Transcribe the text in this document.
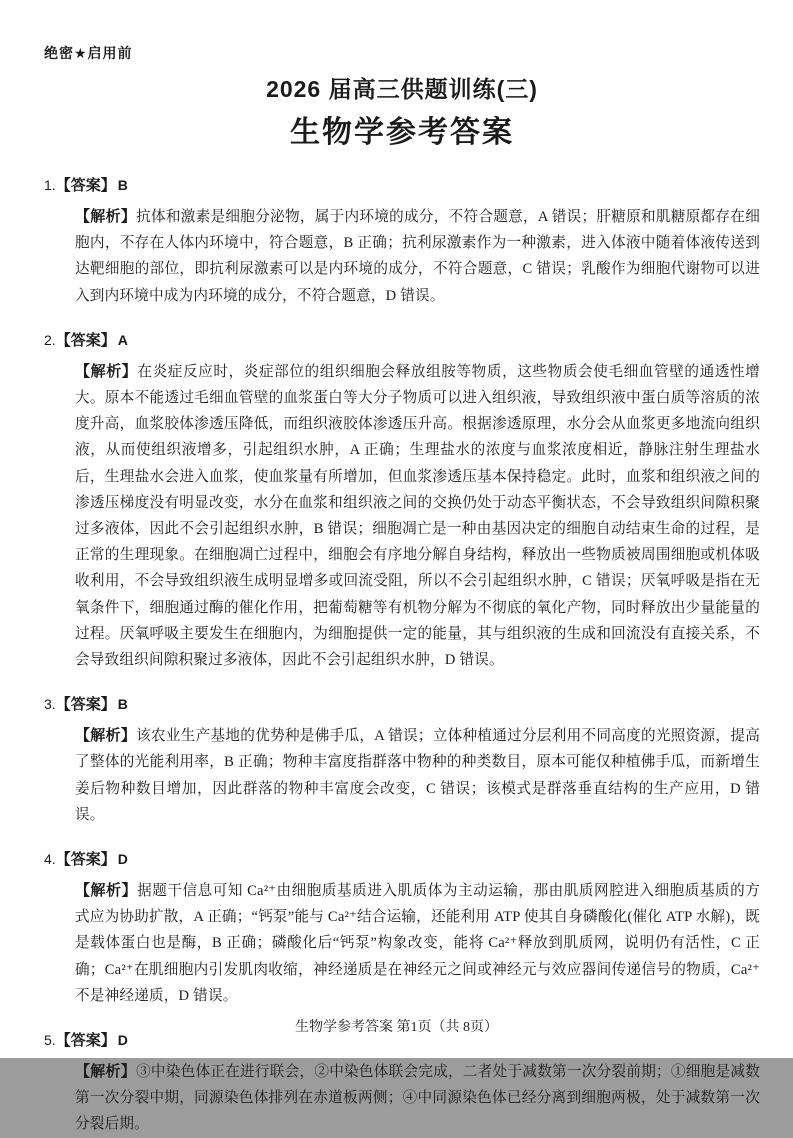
绝密★启用前
2026 届高三供题训练(三)
生物学参考答案
1.【答案】 B

【解析】抗体和激素是细胞分泌物，属于内环境的成分，不符合题意，A 错误；肝糖原和肌糖原都存在细胞内，不存在人体内环境中，符合题意，B 正确；抗利尿激素作为一种激素，进入体液中随着体液传送到达靶细胞的部位，即抗利尿激素可以是内环境的成分，不符合题意，C 错误；乳酸作为细胞代谢物可以进入到内环境中成为内环境的成分，不符合题意，D 错误。

2.【答案】 A

【解析】在炎症反应时，炎症部位的组织细胞会释放组胺等物质，这些物质会使毛细血管壁的通透性增大。原本不能透过毛细血管壁的血浆蛋白等大分子物质可以进入组织液，导致组织液中蛋白质等溶质的浓度升高，血浆胶体渗透压降低，而组织液胶体渗透压升高。根据渗透原理，水分会从血浆更多地流向组织液，从而使组织液增多，引起组织水肿，A 正确；生理盐水的浓度与血浆浓度相近，静脉注射生理盐水后，生理盐水会进入血浆，使血浆量有所增加，但血浆渗透压基本保持稳定。此时，血浆和组织液之间的渗透压梯度没有明显改变，水分在血浆和组织液之间的交换仍处于动态平衡状态，不会导致组织间隙积聚过多液体，因此不会引起组织水肿，B 错误；细胞凋亡是一种由基因决定的细胞自动结束生命的过程，是正常的生理现象。在细胞凋亡过程中，细胞会有序地分解自身结构，释放出一些物质被周围细胞或机体吸收利用，不会导致组织液生成明显增多或回流受阻，所以不会引起组织水肿，C 错误；厌氧呼吸是指在无氧条件下，细胞通过酶的催化作用，把葡萄糖等有机物分解为不彻底的氧化产物，同时释放出少量能量的过程。厌氧呼吸主要发生在细胞内，为细胞提供一定的能量，其与组织液的生成和回流没有直接关系，不会导致组织间隙积聚过多液体，因此不会引起组织水肿，D 错误。

3.【答案】 B

【解析】该农业生产基地的优势种是佛手瓜，A 错误；立体种植通过分层利用不同高度的光照资源，提高了整体的光能利用率，B 正确；物种丰富度指群落中物种的种类数目，原本可能仅种植佛手瓜，而新增生姜后物种数目增加，因此群落的物种丰富度会改变，C 错误；该模式是群落垂直结构的生产应用，D 错误。

4.【答案】 D

【解析】据题干信息可知 Ca²⁺由细胞质基质进入肌质体为主动运输，那由肌质网腔进入细胞质基质的方式应为协助扩散，A 正确；“钙泵”能与 Ca²⁺结合运输，还能利用 ATP 使其自身磷酸化(催化 ATP 水解)，既是载体蛋白也是酶，B 正确；磷酸化后“钙泵”构象改变，能将 Ca²⁺释放到肌质网，说明仍有活性，C 正确；Ca²⁺在肌细胞内引发肌肉收缩，神经递质是在神经元之间或神经元与效应器间传递信号的物质，Ca²⁺不是神经递质，D 错误。

5.【答案】 D

【解析】③中染色体正在进行联会，②中染色体联会完成，二者处于减数第一次分裂前期；①细胞是减数第一次分裂中期，同源染色体排列在赤道板两侧；④中同源染色体已经分离到细胞两极，处于减数第一次分裂后期。

生物学参考答案 第1页（共 8页）
